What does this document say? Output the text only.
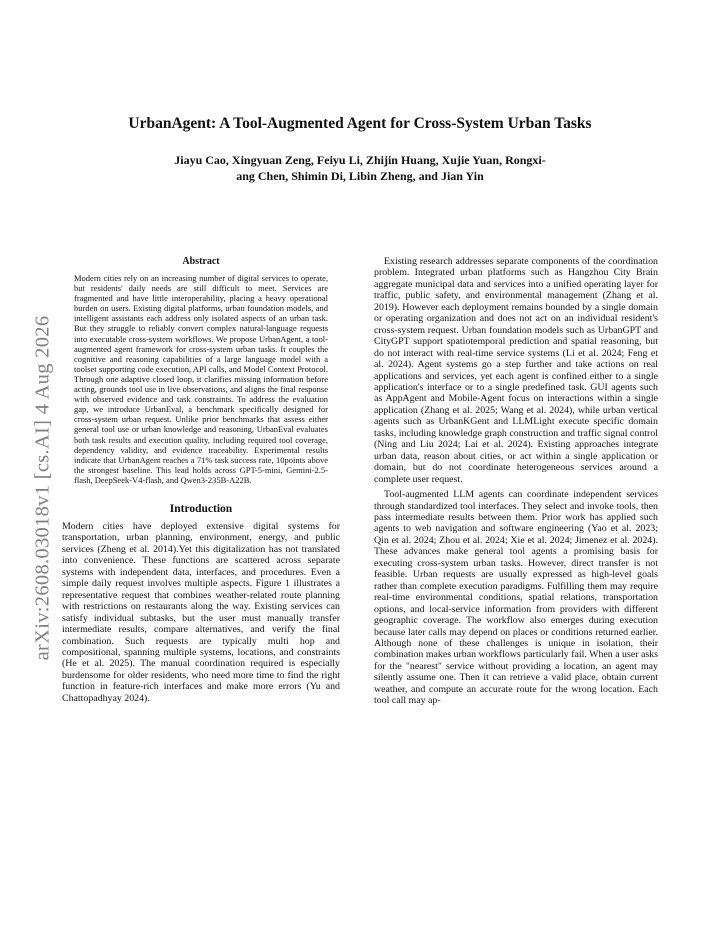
arXiv:2608.03018v1 [cs.AI] 4 Aug 2026
UrbanAgent: A Tool-Augmented Agent for Cross-System Urban Tasks
Jiayu Cao, Xingyuan Zeng, Feiyu Li, Zhijin Huang, Xujie Yuan, Rongxi-
ang Chen, Shimin Di, Libin Zheng, and Jian Yin
Abstract

Modern cities rely on an increasing number of digital services to operate, but residents' daily needs are still difficult to meet. Services are fragmented and have little interoperability, placing a heavy operational burden on users. Existing digital platforms, urban foundation models, and intelligent assistants each address only isolated aspects of an urban task. But they struggle to reliably convert complex natural-language requests into executable cross-system workflows. We propose UrbanAgent, a tool-augmented agent framework for cross-system urban tasks. It couples the cognitive and reasoning capabilities of a large language model with a toolset supporting code execution, API calls, and Model Context Protocol. Through one adaptive closed loop, it clarifies missing information before acting, grounds tool use in live observations, and aligns the final response with observed evidence and task constraints. To address the evaluation gap, we introduce UrbanEval, a benchmark specifically designed for cross-system urban request. Unlike prior benchmarks that assess either general tool use or urban knowledge and reasoning, UrbanEval evaluates both task results and execution quality, including required tool coverage, dependency validity, and evidence traceability. Experimental results indicate that UrbanAgent reaches a 71% task success rate, 10points above the strongest baseline. This lead holds across GPT-5-mini, Gemini-2.5-flash, DeepSeek-V4-flash, and Qwen3-235B-A22B.

Introduction

Modern cities have deployed extensive digital systems for transportation, urban planning, environment, energy, and public services (Zheng et al. 2014).Yet this digitalization has not translated into convenience. These functions are scattered across separate systems with independent data, interfaces, and procedures. Even a simple daily request involves multiple aspects. Figure 1 illustrates a representative request that combines weather-related route planning with restrictions on restaurants along the way. Existing services can satisfy individual subtasks, but the user must manually transfer intermediate results, compare alternatives, and verify the final combination. Such requests are typically multi hop and compositional, spanning multiple systems, locations, and constraints (He et al. 2025). The manual coordination required is especially burdensome for older residents, who need more time to find the right function in feature-rich interfaces and make more errors (Yu and Chattopadhyay 2024).

Existing research addresses separate components of the coordination problem. Integrated urban platforms such as Hangzhou City Brain aggregate municipal data and services into a unified operating layer for traffic, public safety, and environmental management (Zhang et al. 2019). However each deployment remains bounded by a single domain or operating organization and does not act on an individual resident's cross-system request. Urban foundation models such as UrbanGPT and CityGPT support spatiotemporal prediction and spatial reasoning, but do not interact with real-time service systems (Li et al. 2024; Feng et al. 2024). Agent systems go a step further and take actions on real applications and services, yet each agent is confined either to a single application's interface or to a single predefined task. GUI agents such as AppAgent and Mobile-Agent focus on interactions within a single application (Zhang et al. 2025; Wang et al. 2024), while urban vertical agents such as UrbanKGent and LLMLight execute specific domain tasks, including knowledge graph construction and traffic signal control (Ning and Liu 2024; Lai et al. 2024). Existing approaches integrate urban data, reason about cities, or act within a single application or domain, but do not coordinate heterogeneous services around a complete user request.

Tool-augmented LLM agents can coordinate independent services through standardized tool interfaces. They select and invoke tools, then pass intermediate results between them. Prior work has applied such agents to web navigation and software engineering (Yao et al. 2023; Qin et al. 2024; Zhou et al. 2024; Xie et al. 2024; Jimenez et al. 2024). These advances make general tool agents a promising basis for executing cross-system urban tasks. However, direct transfer is not feasible. Urban requests are usually expressed as high-level goals rather than complete execution paradigms. Fulfilling them may require real-time environmental conditions, spatial relations, transportation options, and local-service information from providers with different geographic coverage. The workflow also emerges during execution because later calls may depend on places or conditions returned earlier. Although none of these challenges is unique in isolation, their combination makes urban workflows particularly fail. When a user asks for the "nearest" service without providing a location, an agent may silently assume one. Then it can retrieve a valid place, obtain current weather, and compute an accurate route for the wrong location. Each tool call may ap-
